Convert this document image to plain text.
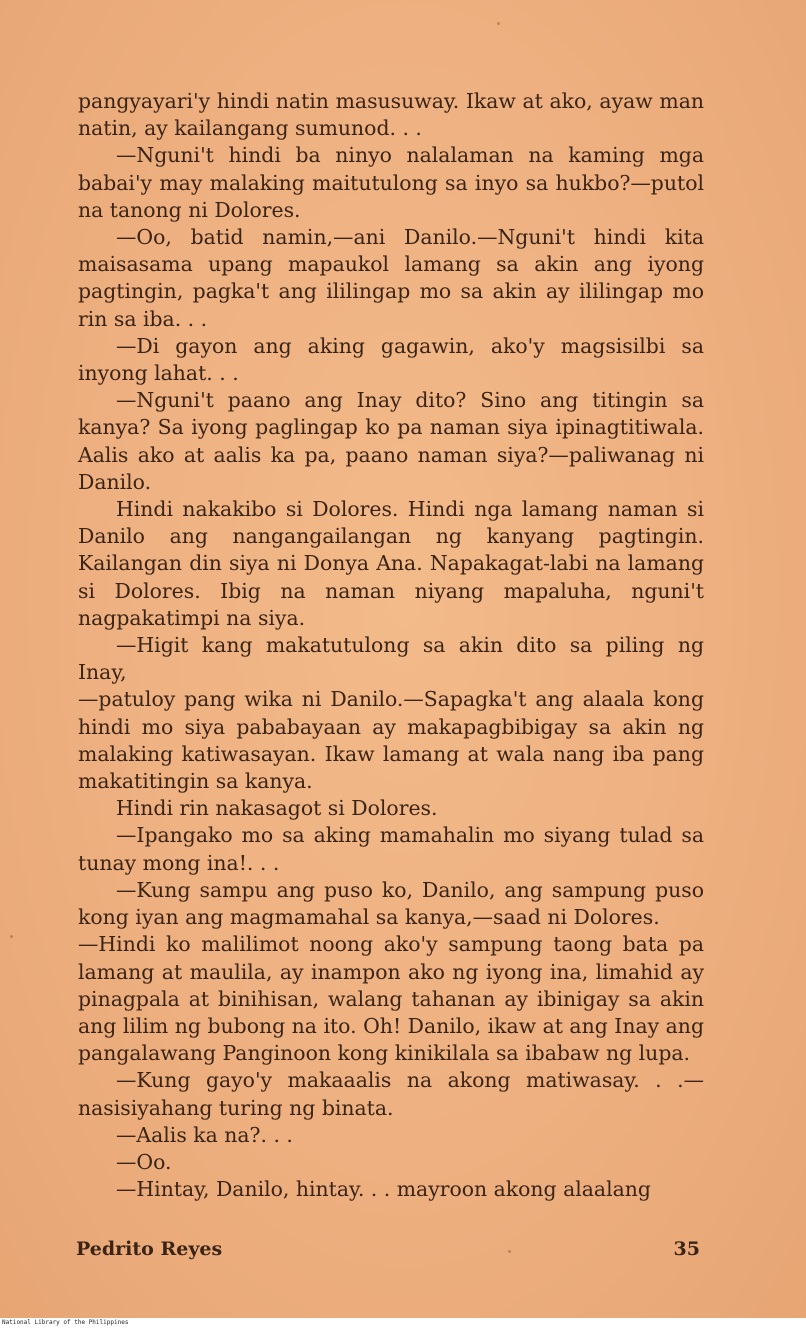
pangyayari'y hindi natin masusuway. Ikaw at ako, ayaw man natin, ay kailangang sumunod. . .

—Nguni't hindi ba ninyo nalalaman na kaming mga babai'y may malaking maitutulong sa inyo sa hukbo?—putol na tanong ni Dolores.

—Oo, batid namin,—ani Danilo.—Nguni't hindi kita maisasama upang mapaukol lamang sa akin ang iyong pagtingin, pagka't ang ililingap mo sa akin ay ililingap mo rin sa iba. . .

—Di gayon ang aking gagawin, ako'y magsisilbi sa inyong lahat. . .

—Nguni't paano ang Inay dito? Sino ang titingin sa kanya? Sa iyong paglingap ko pa naman siya ipinagtitiwala. Aalis ako at aalis ka pa, paano naman siya?—paliwanag ni Danilo.

Hindi nakakibo si Dolores. Hindi nga lamang naman si Danilo ang nangangailangan ng kanyang pagtingin. Kailangan din siya ni Donya Ana. Napakagat-labi na lamang si Dolores. Ibig na naman niyang mapaluha, nguni't nagpakatimpi na siya.

—Higit kang makatutulong sa akin dito sa piling ng Inay,

—patuloy pang wika ni Danilo.—Sapagka't ang alaala kong hindi mo siya pababayaan ay makapagbibigay sa akin ng malaking katiwasayan. Ikaw lamang at wala nang iba pang makatitingin sa kanya.

Hindi rin nakasagot si Dolores.

—Ipangako mo sa aking mamahalin mo siyang tulad sa tunay mong ina!. . .

—Kung sampu ang puso ko, Danilo, ang sampung puso kong iyan ang magmamahal sa kanya,—saad ni Dolores.

—Hindi ko malilimot noong ako'y sampung taong bata pa lamang at maulila, ay inampon ako ng iyong ina, limahid ay pinagpala at binihisan, walang tahanan ay ibinigay sa akin ang lilim ng bubong na ito. Oh! Danilo, ikaw at ang Inay ang pangalawang Panginoon kong kinikilala sa ibabaw ng lupa.

—Kung gayo'y makaaalis na akong matiwasay. . .—nasisiyahang turing ng binata.

—Aalis ka na?. . .

—Oo.

—Hintay, Danilo, hintay. . . mayroon akong alaalang

Pedrito Reyes	35
National Library of the Philippines
